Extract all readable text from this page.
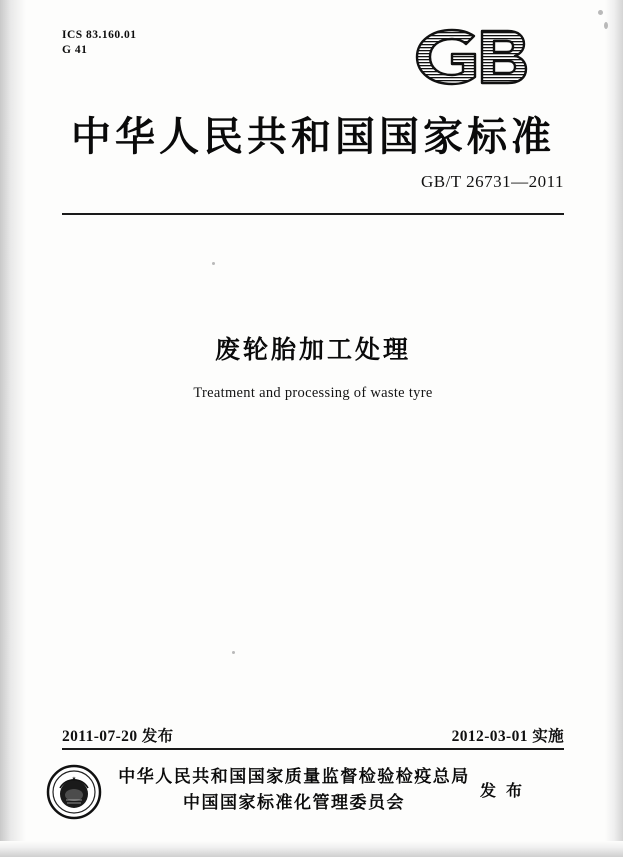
ICS 83.160.01
G 41
中华人民共和国国家标准
GB/T 26731—2011
废轮胎加工处理
Treatment and processing of waste tyre
2011-07-20 发布	2012-03-01 实施
★ 中华人民共和国国家质量监督检验检疫总局
中国国家标准化管理委员会
发 布
